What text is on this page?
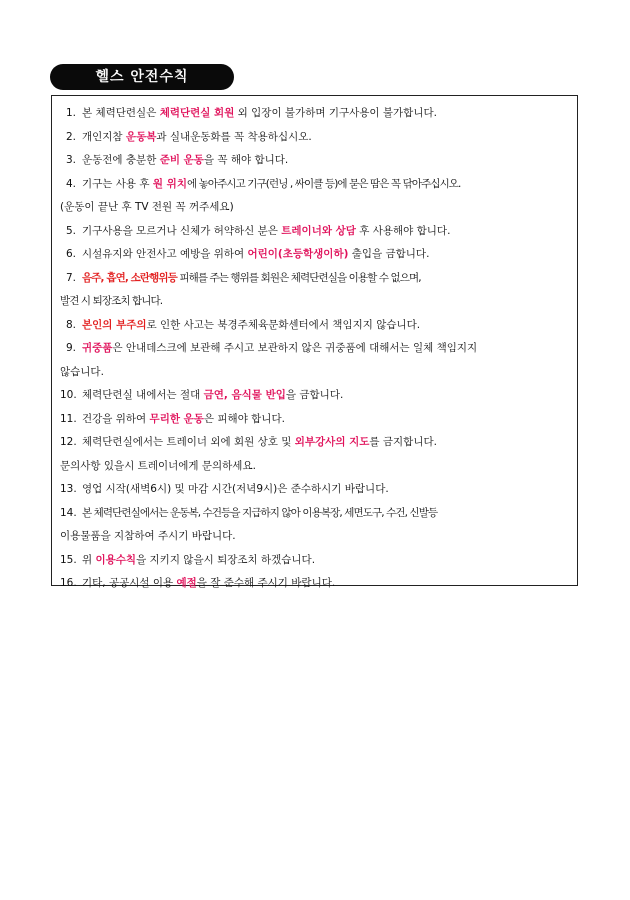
헬스 안전수칙
1. 본 체력단련실은 체력단련실 회원 외 입장이 불가하며 기구사용이 불가합니다.
2. 개인지참 운동복과 실내운동화를 꼭 착용하십시오.
3. 운동전에 충분한 준비 운동을 꼭 해야 합니다.
4. 기구는 사용 후 원 위치에 놓아주시고 기구(런닝 , 싸이클 등)에 묻은 땀은 꼭 닦아주십시오.
(운동이 끝난 후 TV 전원 꼭 꺼주세요)
5. 기구사용을 모르거나 신체가 허약하신 분은 트레이너와 상담 후 사용해야 합니다.
6. 시설유지와 안전사고 예방을 위하여 어린이(초등학생이하) 출입을 금합니다.
7. 음주, 흡연, 소란행위등 피해를 주는 행위를 회원은 체력단련실을 이용할 수 없으며,
발견 시 퇴장조치 합니다.
8. 본인의 부주의로 인한 사고는 북경주체육문화센터에서 책임지지 않습니다.
9. 귀중품은 안내데스크에 보관해 주시고 보관하지 않은 귀중품에 대해서는 일체 책임지지
않습니다.
10. 체력단련실 내에서는 절대 금연, 음식물 반입을 금합니다.
11. 건강을 위하여 무리한 운동은 피해야 합니다.
12. 체력단련실에서는 트레이너 외에 회원 상호 및 외부강사의 지도를 금지합니다.
문의사항 있을시 트레이너에게 문의하세요.
13. 영업 시작(새벽6시) 및 마감 시간(저녁9시)은 준수하시기 바랍니다.
14. 본 체력단련실에서는 운동복, 수건등을 지급하지 않아 이용복장, 세면도구, 수건, 신발등
이용물품을 지참하여 주시기 바랍니다.
15. 위 이용수칙을 지키지 않을시 퇴장조치 하겠습니다.
16. 기타, 공공시설 이용 예절을 잘 준수해 주시기 바랍니다.
